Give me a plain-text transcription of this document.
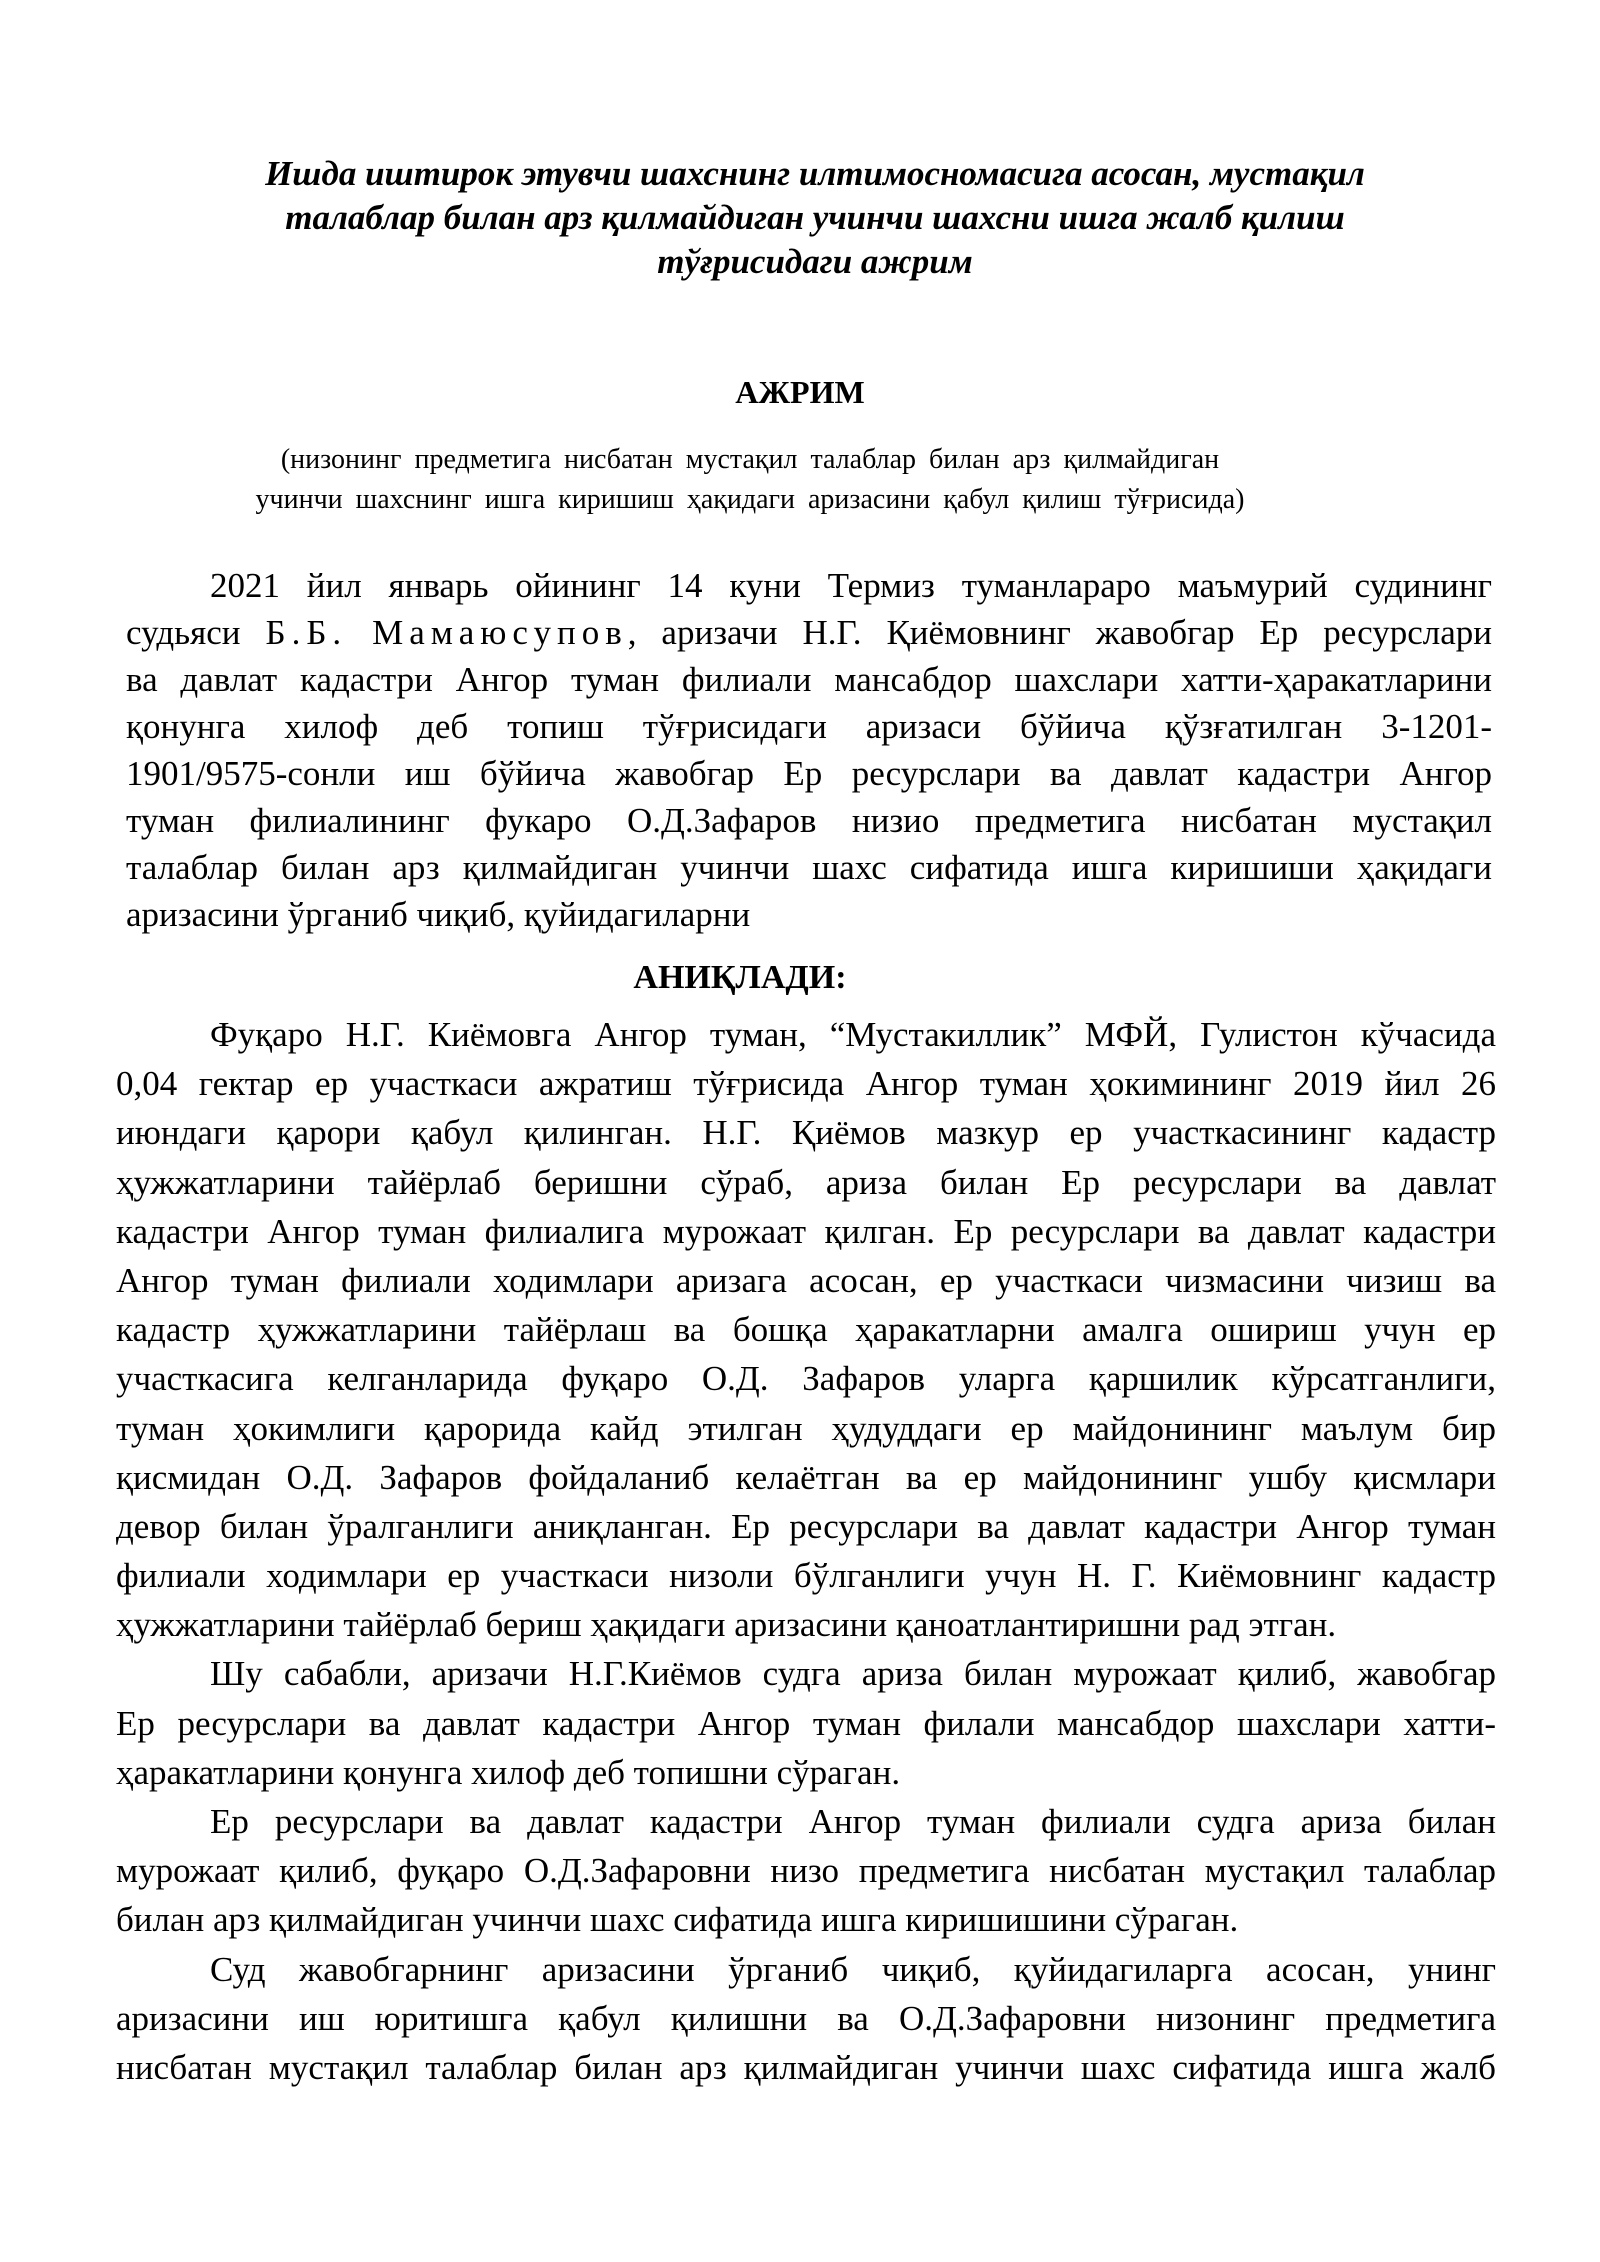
Ишда иштирок этувчи шахснинг илтимосномасига асосан, мустақил
талаблар билан арз қилмайдиган учинчи шахсни ишга жалб қилиш
тўғрисидаги ажрим
АЖРИМ
(низонинг предметига нисбатан мустақил талаблар билан арз қилмайдиган
учинчи шахснинг ишга киришиш ҳақидаги аризасини қабул қилиш тўғрисида)
2021 йил январь ойининг 14 куни Термиз туманлараро маъмурий судининг
судьяси Б.Б. Мамаюсупов, аризачи Н.Г. Қиёмовнинг жавобгар Ер ресурслари
ва давлат кадастри Ангор туман филиали мансабдор шахслари хатти-ҳаракатларини
қонунга хилоф деб топиш тўғрисидаги аризаси бўйича қўзғатилган 3-1201-
1901/9575-сонли иш бўйича жавобгар Ер ресурслари ва давлат кадастри Ангор
туман филиалининг фукаро О.Д.Зафаров низио предметига нисбатан мустақил
талаблар билан арз қилмайдиган учинчи шахс сифатида ишга киришиши ҳақидаги
аризасини ўрганиб чиқиб, қуйидагиларни
АНИҚЛАДИ:
Фуқаро Н.Г. Киёмовга Ангор туман, “Мустакиллик” МФЙ, Гулистон кўчасида
0,04 гектар ер участкаси ажратиш тўғрисида Ангор туман ҳокимининг 2019 йил 26
июндаги қарори қабул қилинган. Н.Г. Қиёмов мазкур ер участкасининг кадастр
ҳужжатларини тайёрлаб беришни сўраб, ариза билан Ер ресурслари ва давлат
кадастри Ангор туман филиалига мурожаат қилган. Ер ресурслари ва давлат кадастри
Ангор туман филиали ходимлари аризага асосан, ер участкаси чизмасини чизиш ва
кадастр ҳужжатларини тайёрлаш ва бошқа ҳаракатларни амалга ошириш учун ер
участкасига келганларида фуқаро О.Д. Зафаров уларга қаршилик кўрсатганлиги,
туман ҳокимлиги қарорида кайд этилган ҳудуддаги ер майдонининг маълум бир
қисмидан О.Д. Зафаров фойдаланиб келаётган ва ер майдонининг ушбу қисмлари
девор билан ўралганлиги аниқланган. Ер ресурслари ва давлат кадастри Ангор туман
филиали ходимлари ер участкаси низоли бўлганлиги учун Н. Г. Киёмовнинг кадастр
ҳужжатларини тайёрлаб бериш ҳақидаги аризасини қаноатлантиришни рад этган.
Шу сабабли, аризачи Н.Г.Киёмов судга ариза билан мурожаат қилиб, жавобгар
Ер ресурслари ва давлат кадастри Ангор туман филали мансабдор шахслари хатти-
ҳаракатларини қонунга хилоф деб топишни сўраган.
Ер ресурслари ва давлат кадастри Ангор туман филиали судга ариза билан
мурожаат қилиб, фуқаро О.Д.Зафаровни низо предметига нисбатан мустақил талаблар
билан арз қилмайдиган учинчи шахс сифатида ишга киришишини сўраган.
Суд жавобгарнинг аризасини ўрганиб чиқиб, қуйидагиларга асосан, унинг
аризасини иш юритишга қабул қилишни ва О.Д.Зафаровни низонинг предметига
нисбатан мустақил талаблар билан арз қилмайдиган учинчи шахс сифатида ишга жалб
